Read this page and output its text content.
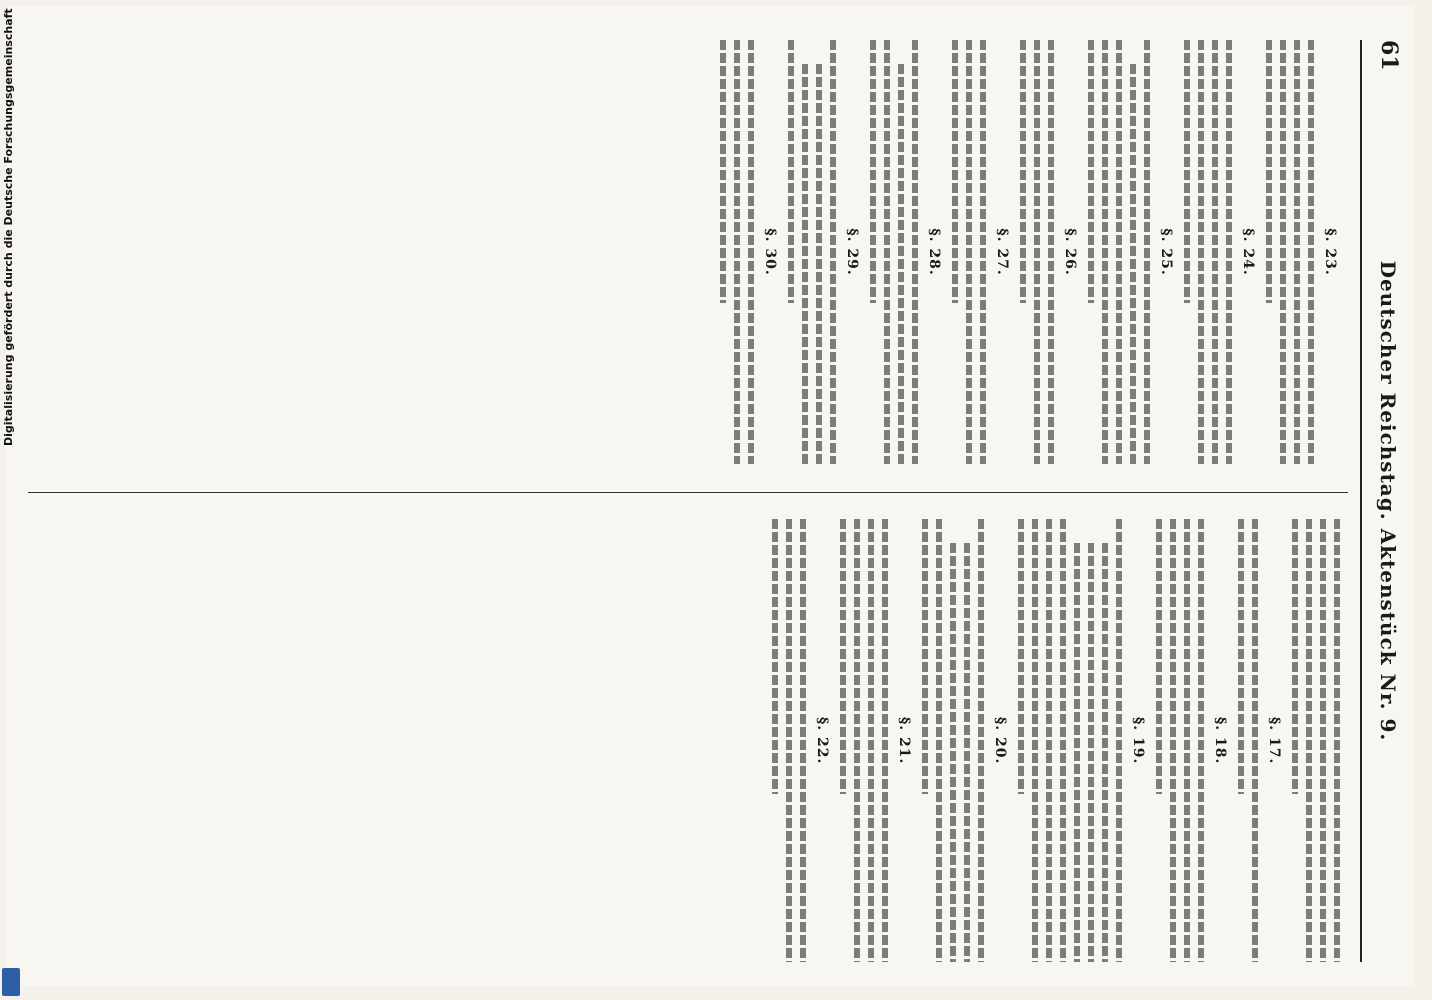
61
Deutscher Reichstag. Aktenstück Nr. 9.
§. 23.
§. 24.
§. 25.
§. 26.
§. 27.
§. 28.
§. 29.
§. 30.
§. 17.
§. 18.
§. 19.
§. 20.
§. 21.
§. 22.
Digitalisierung gefördert durch die Deutsche Forschungsgemeinschaft
